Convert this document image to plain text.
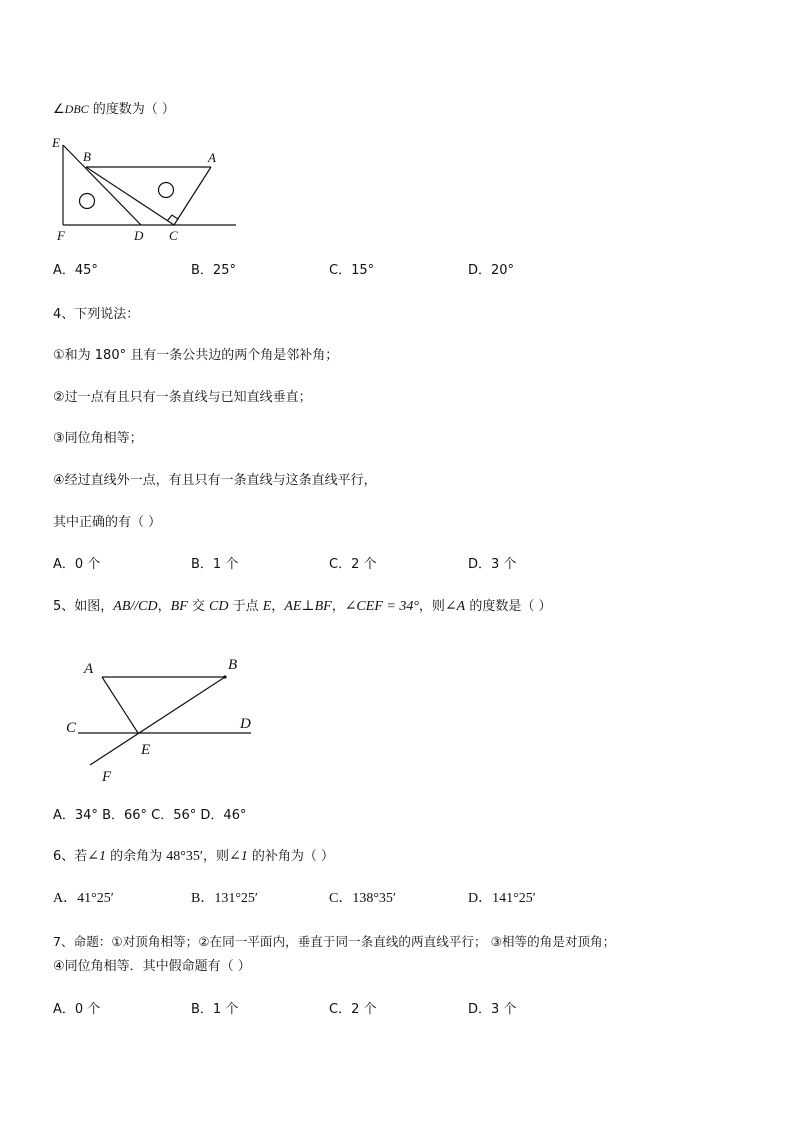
∠DBC 的度数为（ ）
E
B	A
F	D C
A．45°	B．25°	C．15°	D．20°
4、下列说法：
①和为 180° 且有一条公共边的两个角是邻补角；
②过一点有且只有一条直线与已知直线垂直；
③同位角相等；
④经过直线外一点，有且只有一条直线与这条直线平行，
其中正确的有（ ）
A．0 个	B．1 个	C．2 个	D．3 个
5、如图，AB//CD，BF 交 CD 于点 E，AE⊥BF，∠CEF = 34°，则∠A 的度数是（ ）
A	B
C	D
E
F
A．34° B．66° C．56° D．46°
6、若∠1 的余角为 48°35′，则∠1 的补角为（ ）
A．41°25′	B．131°25′	C．138°35′	D．141°25′
7、命题：①对顶角相等；②在同一平面内，垂直于同一条直线的两直线平行； ③相等的角是对顶角；
④同位角相等．其中假命题有（ ）
A．0 个	B．1 个	C．2 个	D．3 个
